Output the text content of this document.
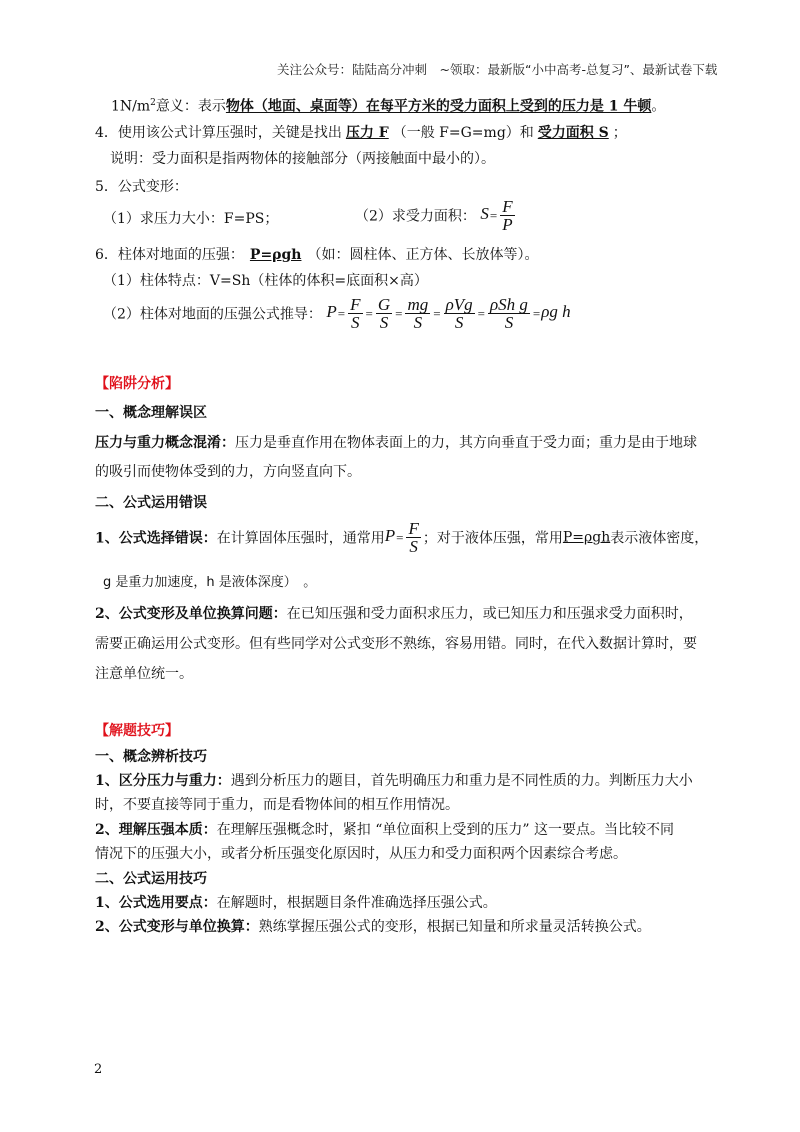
关注公众号：陆陆高分冲刺　~领取：最新版“小中高考-总复习”、最新试卷下载
$1N/m^2$意义：表示物体（地面、桌面等）在每平方米的受力面积上受到的压力是 1 牛顿。
4．使用该公式计算压强时，关键是找出 压力 F （一般 F=G=mg）和 受力面积 S ；
说明：受力面积是指两物体的接触部分（两接触面中最小的）。
5．公式变形：
（1）求压力大小：F=PS；	（2）求受力面积： $S= \frac{F}{P}$
6．柱体对地面的压强： P=ρgh （如：圆柱体、正方体、长放体等）。
（1）柱体特点：V=Sh（柱体的体积=底面积×高）
（2）柱体对地面的压强公式推导： $P= \frac{F}{S} = \frac{G}{S} = \frac{mg}{S} = \frac{\text{ρVg}}{S} = \frac{\text{ρSh g}}{S} =\rho g$ h
【陷阱分析】
一、概念理解误区
压力与重力概念混淆：压力是垂直作用在物体表面上的力，其方向垂直于受力面；重力是由于地球
的吸引而使物体受到的力，方向竖直向下。
二、公式运用错误
1、公式选择错误：在计算固体压强时，通常用$P= \frac{F}{S}$ ；对于液体压强，常用P=ρgh表示液体密度，
g 是重力加速度，h 是液体深度）　。
2、公式变形及单位换算问题：在已知压强和受力面积求压力，或已知压力和压强求受力面积时，
需要正确运用公式变形。但有些同学对公式变形不熟练，容易用错。同时，在代入数据计算时，要
注意单位统一。
【解题技巧】
一、概念辨析技巧
1、区分压力与重力：遇到分析压力的题目，首先明确压力和重力是不同性质的力。判断压力大小
时，不要直接等同于重力，而是看物体间的相互作用情况。
2、理解压强本质：在理解压强概念时，紧扣 “单位面积上受到的压力” 这一要点。当比较不同
情况下的压强大小，或者分析压强变化原因时，从压力和受力面积两个因素综合考虑。
二、公式运用技巧
1、公式选用要点：在解题时，根据题目条件准确选择压强公式。
2、公式变形与单位换算：熟练掌握压强公式的变形，根据已知量和所求量灵活转换公式。
2
